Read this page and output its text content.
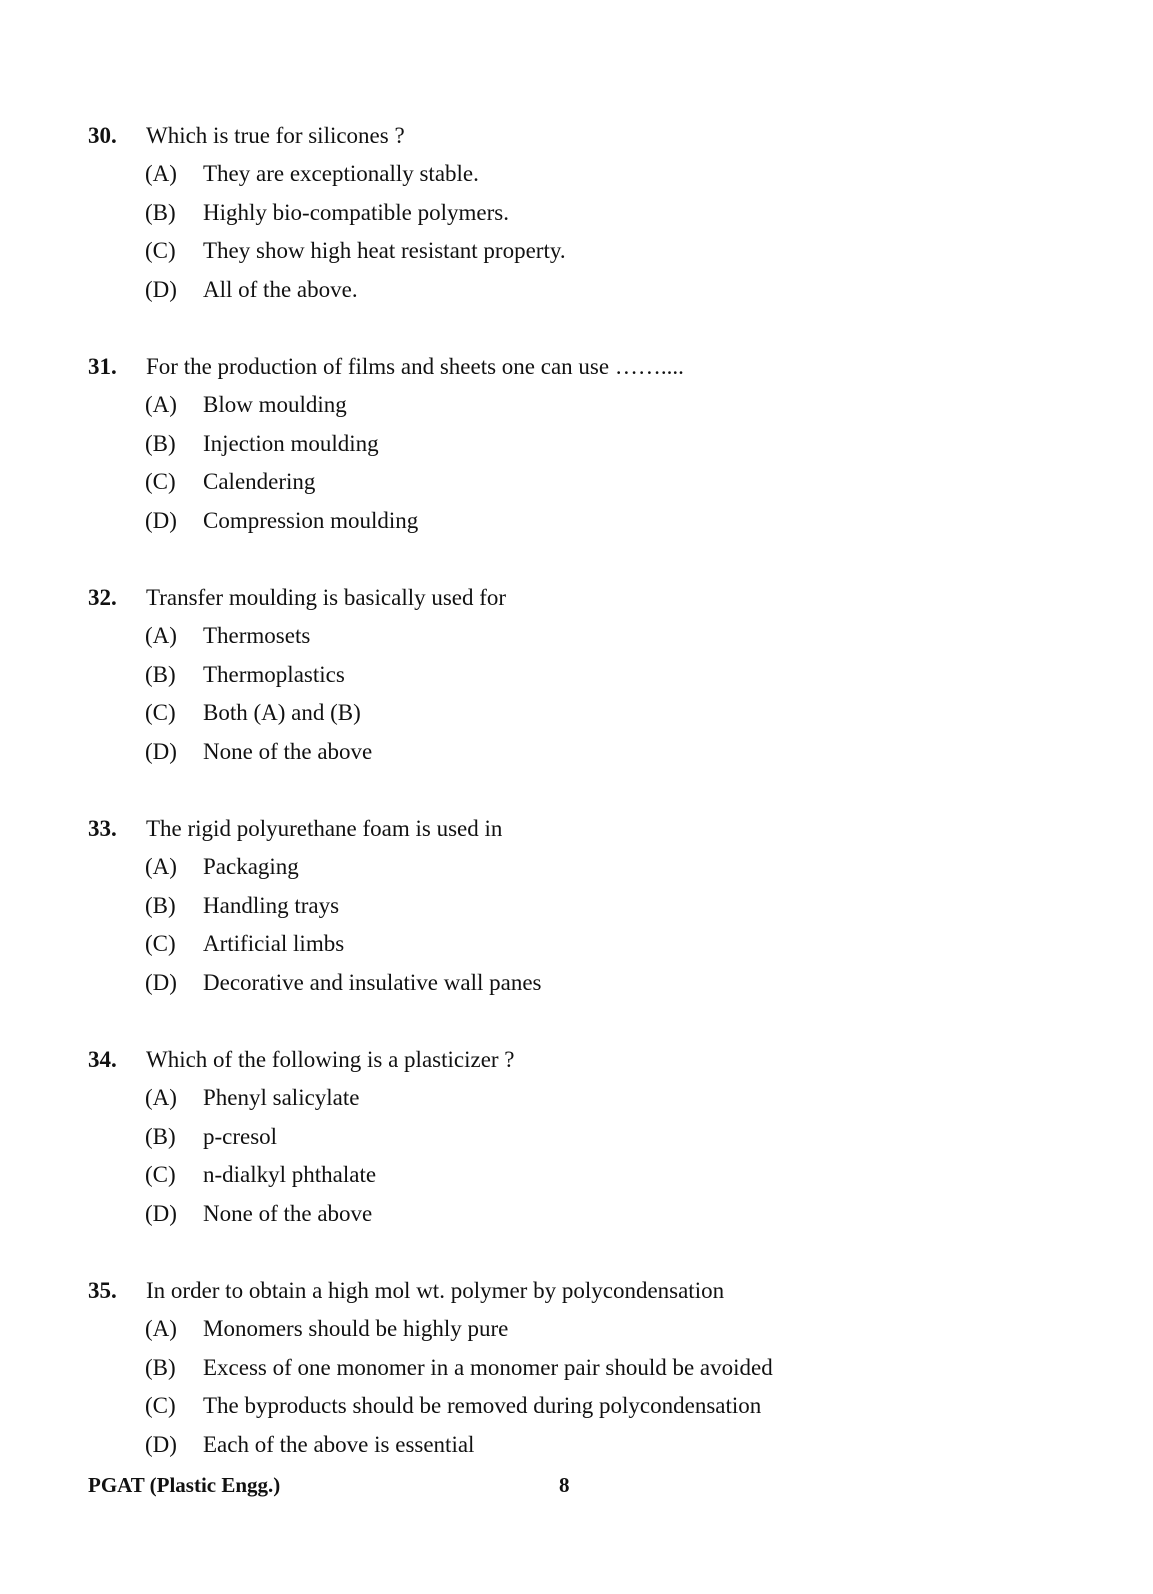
30. Which is true for silicones ?
(A) They are exceptionally stable.
(B) Highly bio-compatible polymers.
(C) They show high heat resistant property.
(D) All of the above.
31. For the production of films and sheets one can use ……....
(A) Blow moulding
(B) Injection moulding
(C) Calendering
(D) Compression moulding
32. Transfer moulding is basically used for
(A) Thermosets
(B) Thermoplastics
(C) Both (A) and (B)
(D) None of the above
33. The rigid polyurethane foam is used in
(A) Packaging
(B) Handling trays
(C) Artificial limbs
(D) Decorative and insulative wall panes
34. Which of the following is a plasticizer ?
(A) Phenyl salicylate
(B) p-cresol
(C) n-dialkyl phthalate
(D) None of the above
35. In order to obtain a high mol wt. polymer by polycondensation
(A) Monomers should be highly pure
(B) Excess of one monomer in a monomer pair should be avoided
(C) The byproducts should be removed during polycondensation
(D) Each of the above is essential
PGAT (Plastic Engg.)	8
